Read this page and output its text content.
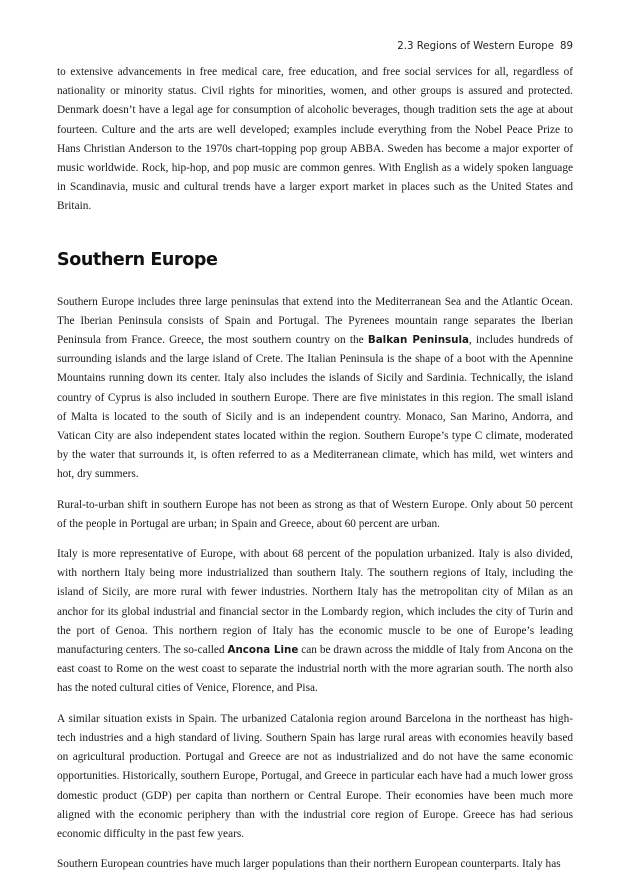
2.3 Regions of Western Europe 89

to extensive advancements in free medical care, free education, and free social services for all, regardless of nationality or minority status. Civil rights for minorities, women, and other groups is assured and protected. Denmark doesn’t have a legal age for consumption of alcoholic beverages, though tradition sets the age at about fourteen. Culture and the arts are well developed; examples include everything from the Nobel Peace Prize to Hans Christian Anderson to the 1970s chart-topping pop group ABBA. Sweden has become a major exporter of music worldwide. Rock, hip-hop, and pop music are common genres. With English as a widely spoken language in Scandinavia, music and cultural trends have a larger export market in places such as the United States and Britain.

Southern Europe

Southern Europe includes three large peninsulas that extend into the Mediterranean Sea and the Atlantic Ocean. The Iberian Peninsula consists of Spain and Portugal. The Pyrenees mountain range separates the Iberian Peninsula from France. Greece, the most southern country on the Balkan Peninsula, includes hundreds of surrounding islands and the large island of Crete. The Italian Peninsula is the shape of a boot with the Apennine Mountains running down its center. Italy also includes the islands of Sicily and Sardinia. Technically, the island country of Cyprus is also included in southern Europe. There are five ministates in this region. The small island of Malta is located to the south of Sicily and is an independent country. Monaco, San Marino, Andorra, and Vatican City are also independent states located within the region. Southern Europe’s type C climate, moderated by the water that surrounds it, is often referred to as a Mediterranean climate, which has mild, wet winters and hot, dry summers.

Rural-to-urban shift in southern Europe has not been as strong as that of Western Europe. Only about 50 percent of the people in Portugal are urban; in Spain and Greece, about 60 percent are urban.

Italy is more representative of Europe, with about 68 percent of the population urbanized. Italy is also divided, with northern Italy being more industrialized than southern Italy. The southern regions of Italy, including the island of Sicily, are more rural with fewer industries. Northern Italy has the metropolitan city of Milan as an anchor for its global industrial and financial sector in the Lombardy region, which includes the city of Turin and the port of Genoa. This northern region of Italy has the economic muscle to be one of Europe’s leading manufacturing centers. The so-called Ancona Line can be drawn across the middle of Italy from Ancona on the east coast to Rome on the west coast to separate the industrial north with the more agrarian south. The north also has the noted cultural cities of Venice, Florence, and Pisa.

A similar situation exists in Spain. The urbanized Catalonia region around Barcelona in the northeast has high-tech industries and a high standard of living. Southern Spain has large rural areas with economies heavily based on agricultural production. Portugal and Greece are not as industrialized and do not have the same economic opportunities. Historically, southern Europe, Portugal, and Greece in particular each have had a much lower gross domestic product (GDP) per capita than northern or Central Europe. Their economies have been much more aligned with the economic periphery than with the industrial core region of Europe. Greece has had serious economic difficulty in the past few years.

Southern European countries have much larger populations than their northern European counterparts. Italy has
